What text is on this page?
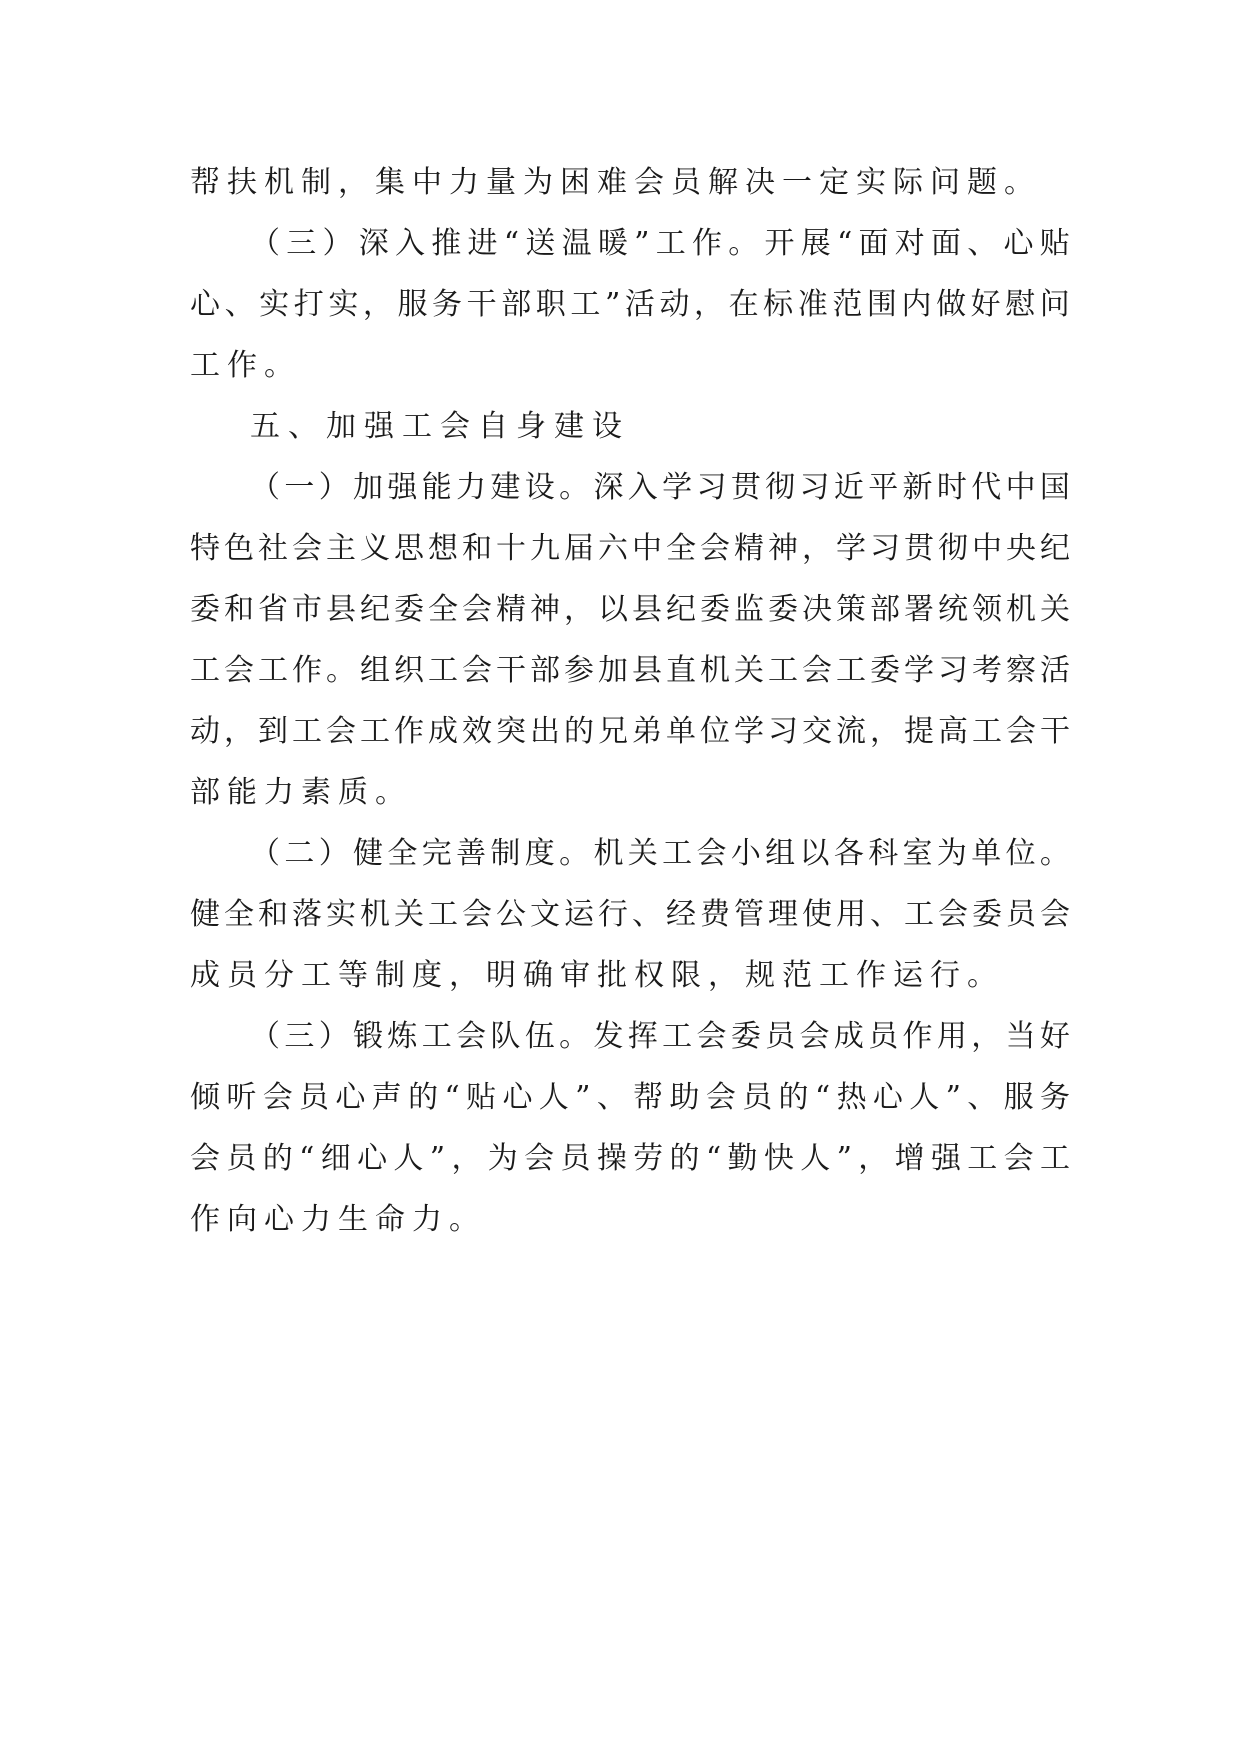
帮扶机制，集中力量为困难会员解决一定实际问题。
（ 三 ） 深 入 推 进 “ 送 温 暖 ” 工 作 。 开 展 “ 面 对 面 、 心 贴
心 、 实 打 实 ， 服 务 干 部 职 工 ” 活 动 ， 在 标 准 范 围 内 做 好 慰 问
工作。
五、加强工会自身建设
（ 一 ） 加 强 能 力 建 设 。 深 入 学 习 贯 彻 习 近 平 新 时 代 中 国
特 色 社 会 主 义 思 想 和 十 九 届 六 中 全 会 精 神 ， 学 习 贯 彻 中 央 纪
委 和 省 市 县 纪 委 全 会 精 神 ， 以 县 纪 委 监 委 决 策 部 署 统 领 机 关
工 会 工 作 。 组 织 工 会 干 部 参 加 县 直 机 关 工 会 工 委 学 习 考 察 活
动 ， 到 工 会 工 作 成 效 突 出 的 兄 弟 单 位 学 习 交 流 ， 提 高 工 会 干
部能力素质。
（ 二 ） 健 全 完 善 制 度 。 机 关 工 会 小 组 以 各 科 室 为 单 位 。
健 全 和 落 实 机 关 工 会 公 文 运 行 、 经 费 管 理 使 用 、 工 会 委 员 会
成员分工等制度，明确审批权限，规范工作运行。
（ 三 ） 锻 炼 工 会 队 伍 。 发 挥 工 会 委 员 会 成 员 作 用 ， 当 好
倾 听 会 员 心 声 的 “ 贴 心 人 ” 、 帮 助 会 员 的 “ 热 心 人 ” 、 服 务
会 员 的 “ 细 心 人 ” ， 为 会 员 操 劳 的 “ 勤 快 人 ” ， 增 强 工 会 工
作向心力生命力。
